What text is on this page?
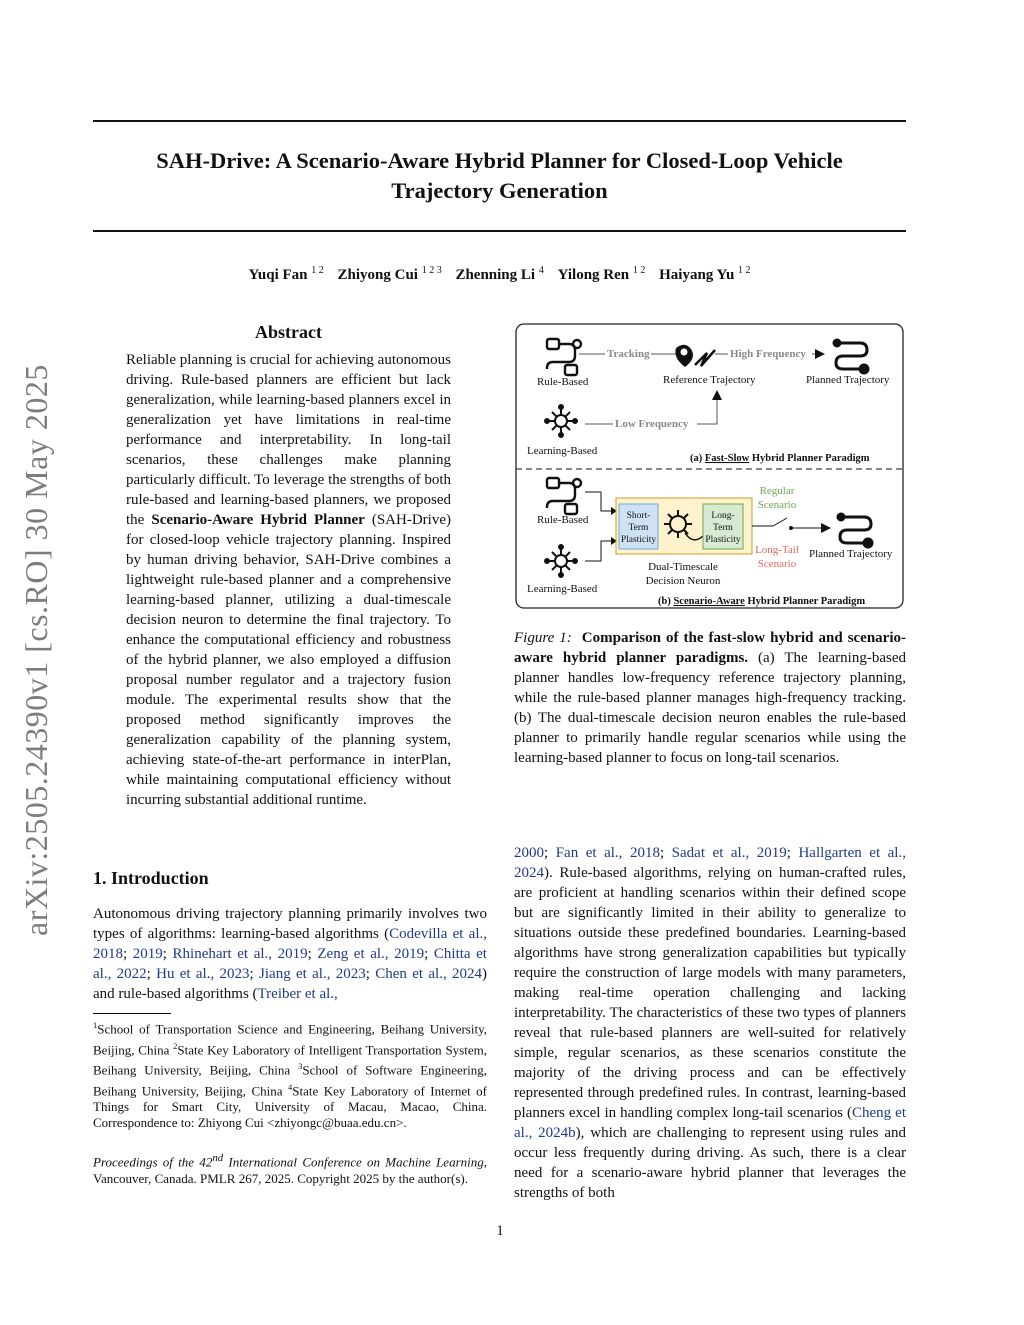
SAH-Drive: A Scenario-Aware Hybrid Planner for Closed-Loop Vehicle
Trajectory Generation
Yuqi Fan $^{1 2}$ Zhiyong Cui $^{1 2 3}$ Zhenning Li $^4$ Yilong Ren $^{1 2}$ Haiyang Yu $^{1 2}$
arXiv:2505.24390v1 [cs.RO] 30 May 2025
Abstract
Reliable planning is crucial for achieving autonomous driving. Rule-based planners are efficient but lack generalization, while learning-based planners excel in generalization yet have limitations in real-time performance and interpretability. In long-tail scenarios, these challenges make planning particularly difficult. To leverage the strengths of both rule-based and learning-based planners, we proposed the Scenario-Aware Hybrid Planner (SAH-Drive) for closed-loop vehicle trajectory planning. Inspired by human driving behavior, SAH-Drive combines a lightweight rule-based planner and a comprehensive learning-based planner, utilizing a dual-timescale decision neuron to determine the final trajectory. To enhance the computational efficiency and robustness of the hybrid planner, we also employed a diffusion proposal number regulator and a trajectory fusion module. The experimental results show that the proposed method significantly improves the generalization capability of the planning system, achieving state-of-the-art performance in interPlan, while maintaining computational efficiency without incurring substantial additional runtime.
1. Introduction
Autonomous driving trajectory planning primarily involves two types of algorithms: learning-based algorithms (Codevilla et al., 2018; 2019; Rhinehart et al., 2019; Zeng et al., 2019; Chitta et al., 2022; Hu et al., 2023; Jiang et al., 2023; Chen et al., 2024) and rule-based algorithms (Treiber et al.,
$^1$School of Transportation Science and Engineering, Beihang University, Beijing, China $^2$State Key Laboratory of Intelligent Transportation System, Beihang University, Beijing, China $^3$School of Software Engineering, Beihang University, Beijing, China $^4$State Key Laboratory of Internet of Things for Smart City, University of Macau, Macao, China. Correspondence to: Zhiyong Cui <zhiyongc@buaa.edu.cn>.
Proceedings of the 42nd International Conference on Machine Learning, Vancouver, Canada. PMLR 267, 2025. Copyright 2025 by the author(s).
Rule-Based
Tracking	High Frequency
Reference Trajectory	Planned Trajectory
Learning-Based
Low Frequency
(a) Fast-Slow Hybrid Planner Paradigm
Rule-Based
Learning-Based
Short-
Term
Plasticity
Long-
Term
Plasticity
Dual-Timescale
Decision Neuron
Regular
Scenario
Long-Tail
Scenario
Planned Trajectory
(b) Scenario-Aware Hybrid Planner Paradigm
Figure 1: Comparison of the fast-slow hybrid and scenario-aware hybrid planner paradigms. (a) The learning-based planner handles low-frequency reference trajectory planning, while the rule-based planner manages high-frequency tracking. (b) The dual-timescale decision neuron enables the rule-based planner to primarily handle regular scenarios while using the learning-based planner to focus on long-tail scenarios.
2000; Fan et al., 2018; Sadat et al., 2019; Hallgarten et al., 2024). Rule-based algorithms, relying on human-crafted rules, are proficient at handling scenarios within their defined scope but are significantly limited in their ability to generalize to situations outside these predefined boundaries. Learning-based algorithms have strong generalization capabilities but typically require the construction of large models with many parameters, making real-time operation challenging and lacking interpretability. The characteristics of these two types of planners reveal that rule-based planners are well-suited for relatively simple, regular scenarios, as these scenarios constitute the majority of the driving process and can be effectively represented through predefined rules. In contrast, learning-based planners excel in handling complex long-tail scenarios (Cheng et al., 2024b), which are challenging to represent using rules and occur less frequently during driving. As such, there is a clear need for a scenario-aware hybrid planner that leverages the strengths of both
1
